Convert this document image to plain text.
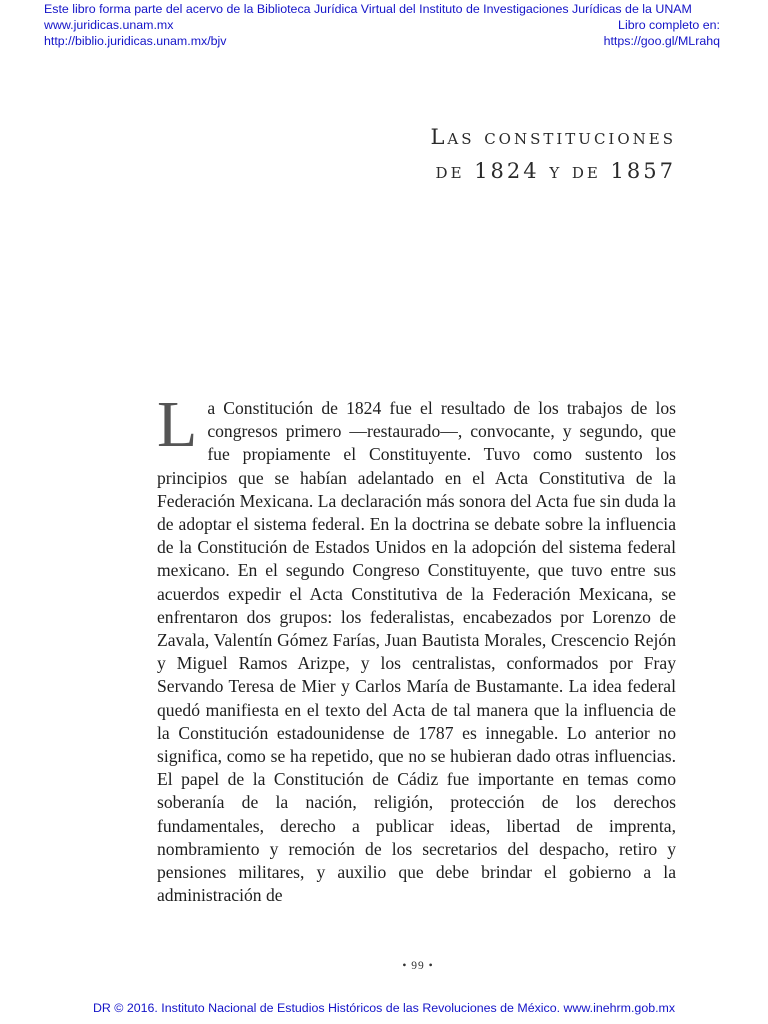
Este libro forma parte del acervo de la Biblioteca Jurídica Virtual del Instituto de Investigaciones Jurídicas de la UNAM
www.juridicas.unam.mx
http://biblio.juridicas.unam.mx/bjv
Libro completo en:
https://goo.gl/MLrahq
Las constituciones
de 1824 y de 1857
L a Constitución de 1824 fue el resultado de los trabajos de los congresos primero —restaurado—, convocante, y segundo, que fue propiamente el Constituyente. Tuvo como sustento los principios que se habían adelantado en el Acta Constitutiva de la Federación Mexicana. La declaración más sonora del Acta fue sin duda la de adoptar el sistema federal. En la doctrina se debate sobre la influencia de la Constitución de Estados Unidos en la adopción del sistema federal mexicano. En el segundo Congreso Constituyente, que tuvo entre sus acuerdos expedir el Acta Constitutiva de la Federación Mexicana, se enfrentaron dos grupos: los federalistas, encabezados por Lorenzo de Zavala, Valentín Gómez Farías, Juan Bautista Morales, Crescencio Rejón y Miguel Ramos Arizpe, y los centralistas, conformados por Fray Servando Teresa de Mier y Carlos María de Bustamante. La idea federal quedó manifiesta en el texto del Acta de tal manera que la influencia de la Constitución estadounidense de 1787 es innegable. Lo anterior no significa, como se ha repetido, que no se hubieran dado otras influencias. El papel de la Constitución de Cádiz fue importante en temas como soberanía de la nación, religión, protección de los derechos fundamentales, derecho a publicar ideas, libertad de imprenta, nombramiento y remoción de los secretarios del despacho, retiro y pensiones militares, y auxilio que debe brindar el gobierno a la administración de
• 99 •
DR © 2016. Instituto Nacional de Estudios Históricos de las Revoluciones de México. www.inehrm.gob.mx
